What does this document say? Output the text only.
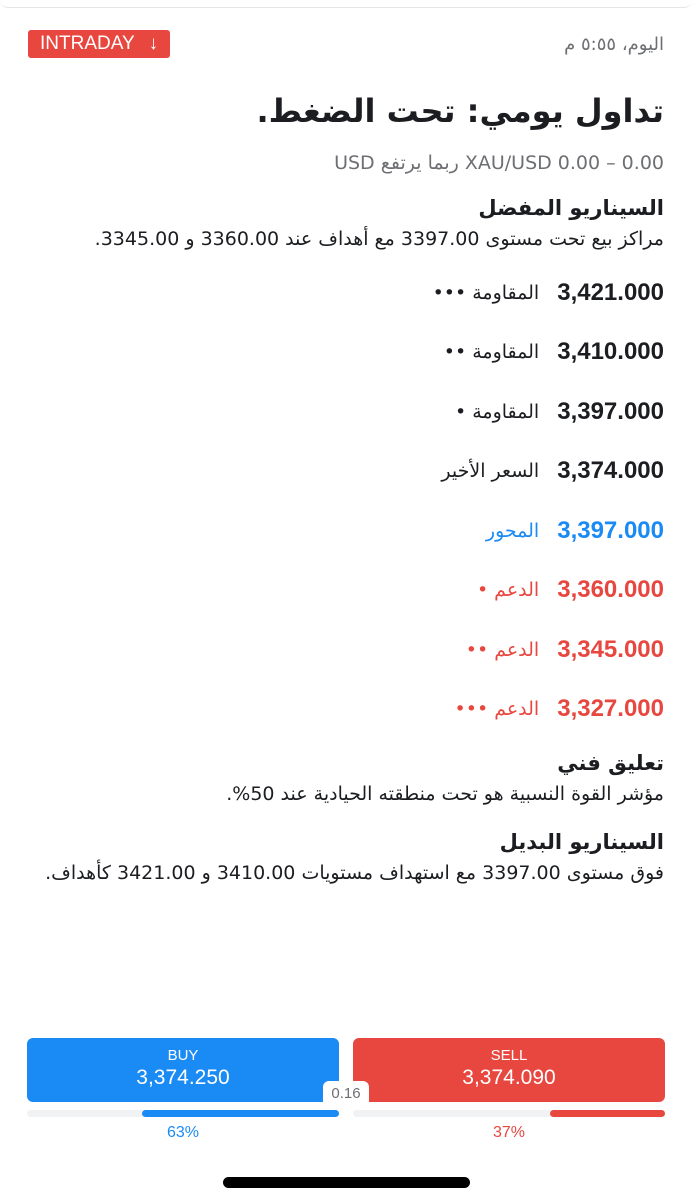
INTRADAY ↓	اليوم، ٥:٥٥ م
تداول يومي: تحت الضغط.
XAU/USD 0.00 – 0.00 ربما يرتفع USD
السيناريو المفضل
مراكز بيع تحت مستوى 3397.00 مع أهداف عند 3360.00 و 3345.00.
3,421.000
المقاومة •••
3,410.000
المقاومة ••
3,397.000
المقاومة •
3,374.000
السعر الأخير
3,397.000
المحور
3,360.000
الدعم •
3,345.000
الدعم ••
3,327.000
الدعم •••
تعليق فني
مؤشر القوة النسبية هو تحت منطقته الحيادية عند 50%.
السيناريو البديل
فوق مستوى 3397.00 مع استهداف مستويات 3410.00 و 3421.00 كأهداف.
BUY
3,374.250
SELL
3,374.090
0.16
63%	37%
